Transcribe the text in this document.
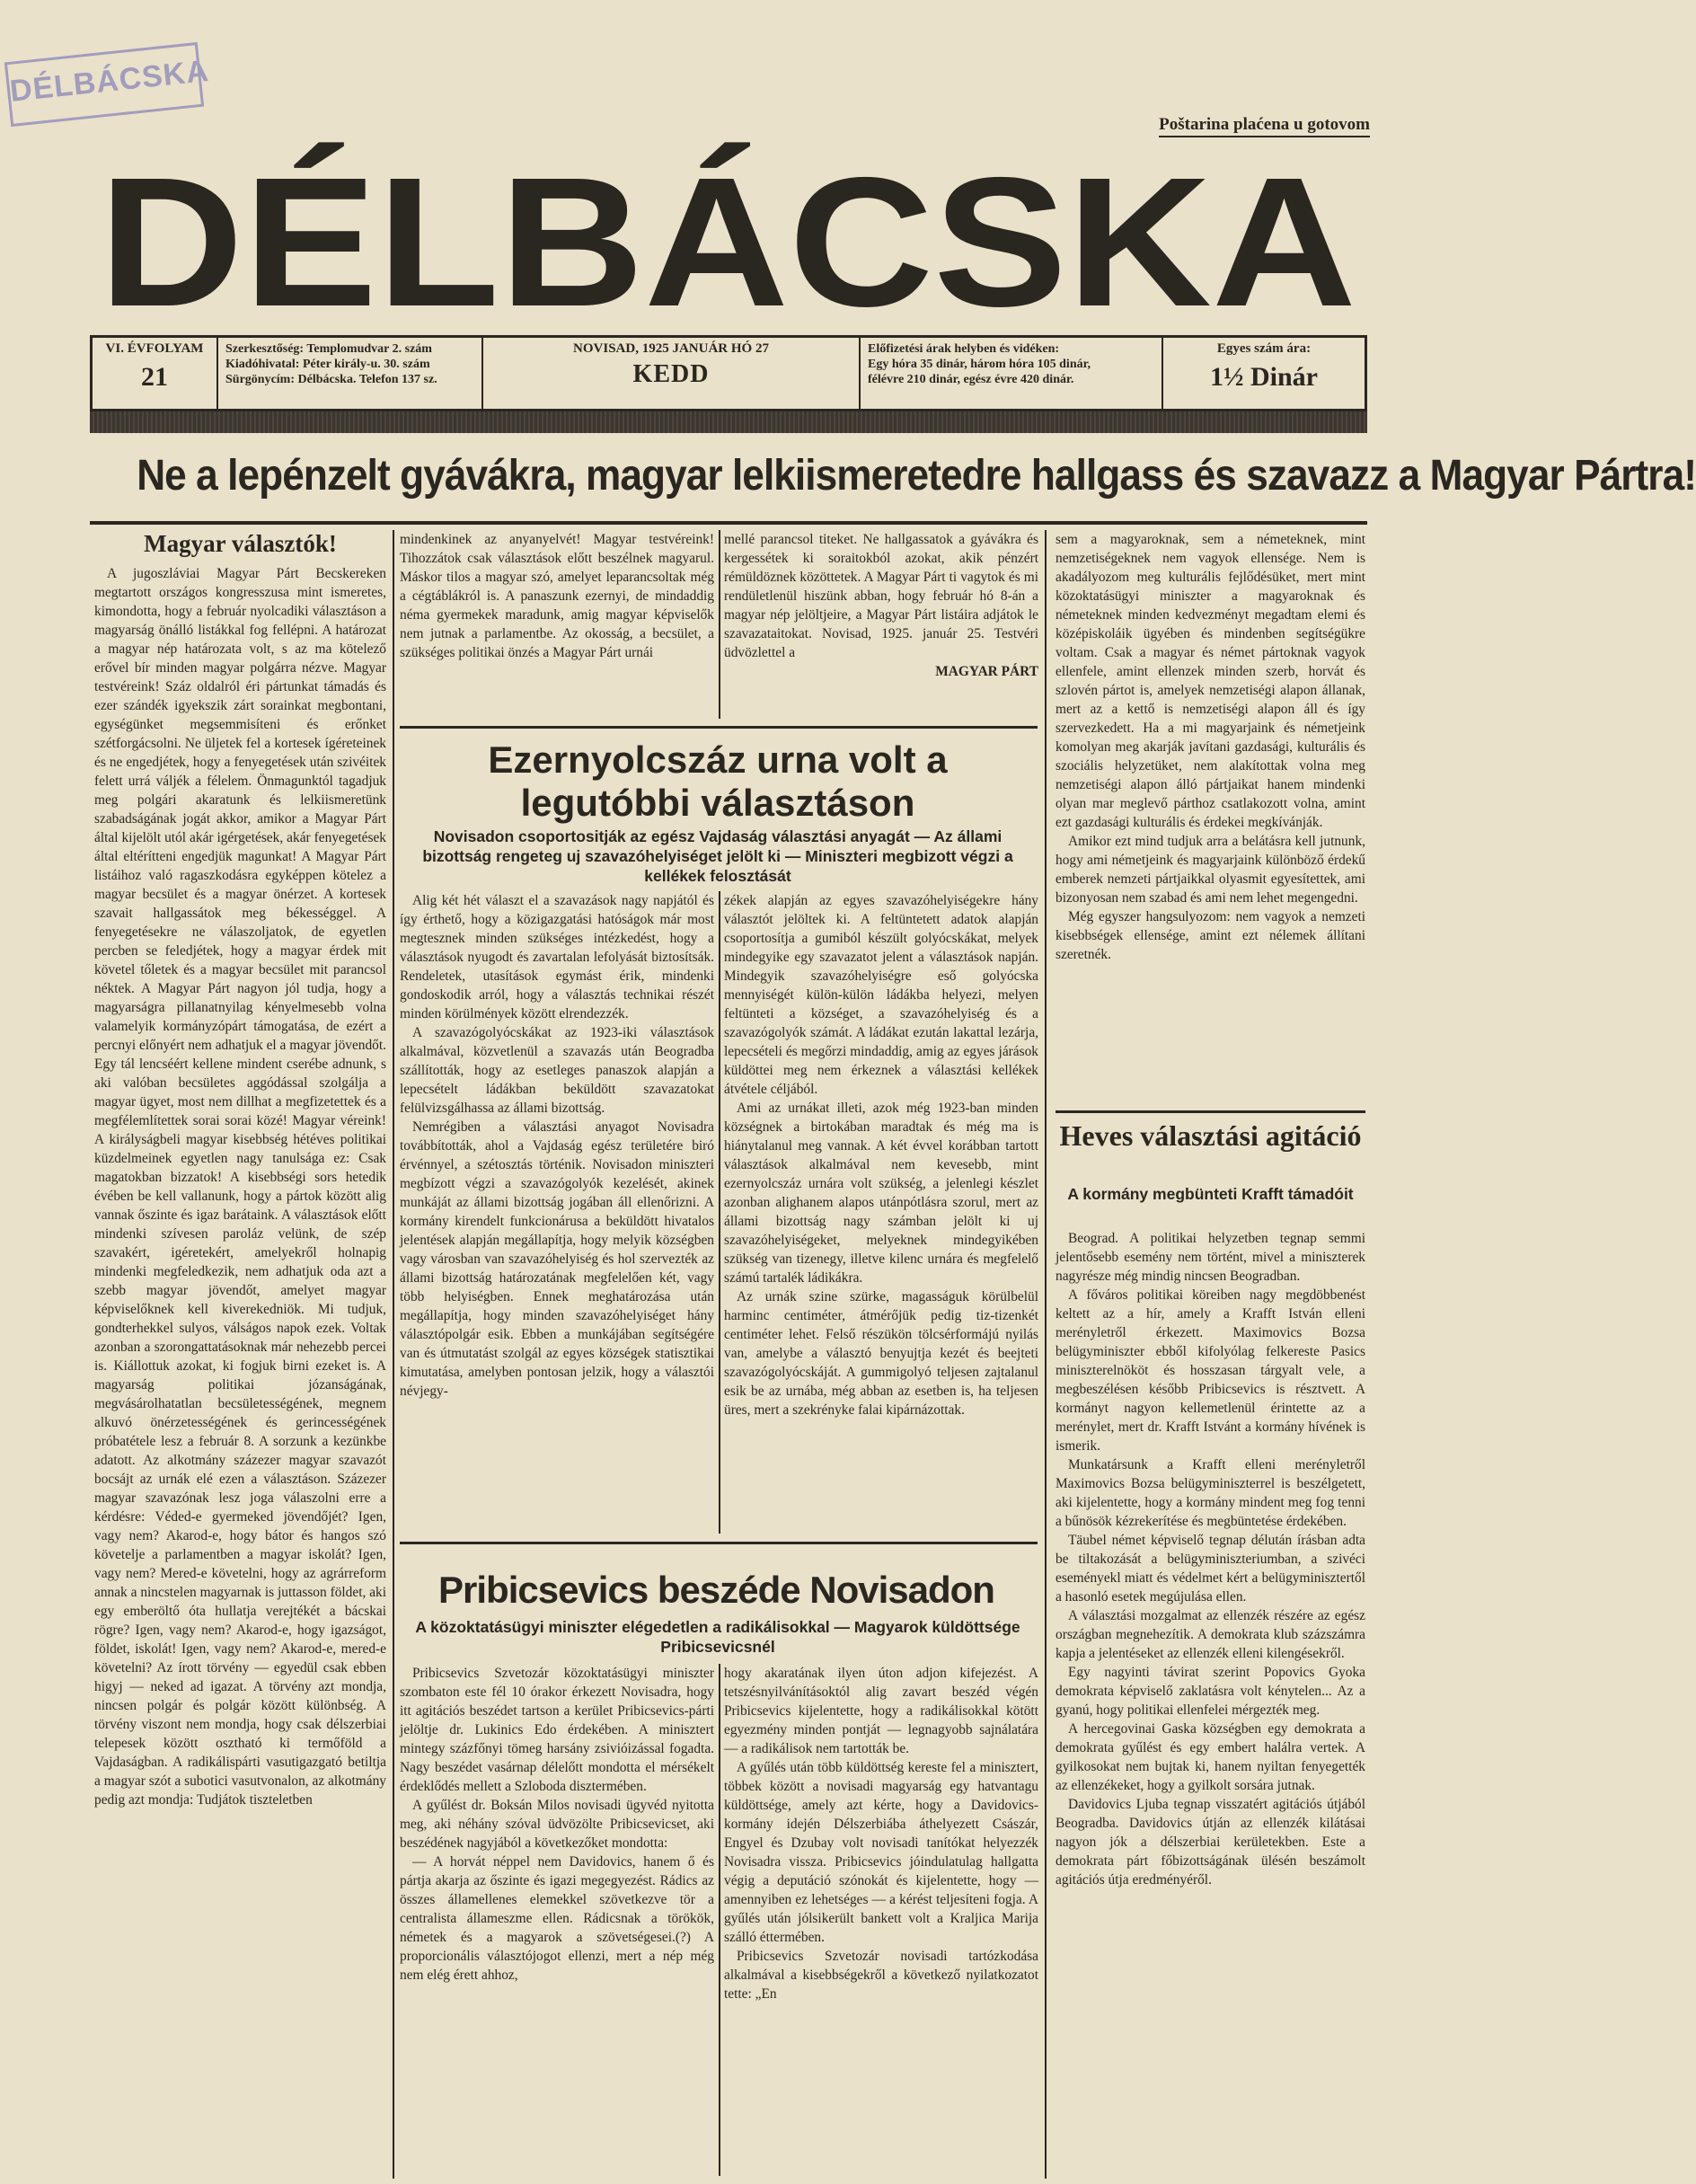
DÉLBÁCSKA
Poštarina plaćena u gotovom
DÉLBÁCSKA
VI. ÉVFOLYAM
21
Szerkesztőség: Templomudvar 2. szám
Kiadóhivatal: Péter király-u. 30. szám
Sürgönycím: Délbácska. Telefon 137 sz.
NOVISAD, 1925 JANUÁR HÓ 27
KEDD
Előfizetési árak helyben és vidéken:
Egy hóra 35 dinár, három hóra 105 dinár,
félévre 210 dinár, egész évre 420 dinár.
Egyes szám ára:
1½ Dinár
Ne a lepénzelt gyávákra, magyar lelkiismeretedre hallgass és szavazz a Magyar Pártra!
Magyar választók!

A jugoszláviai Magyar Párt Becskereken megtartott országos kongresszusa mint ismeretes, kimondotta, hogy a február nyolcadiki választáson a magyarság önálló listákkal fog fellépni. A határozat a magyar nép határozata volt, s az ma kötelező erővel bír minden magyar polgárra nézve. Magyar testvéreink! Száz oldalról éri pártunkat támadás és ezer szándék igyekszik zárt sorainkat megbontani, egységünket megsemmisíteni és erőnket szétforgácsolni. Ne üljetek fel a kortesek ígéreteinek és ne engedjétek, hogy a fenyegetések után szivéitek felett urrá váljék a félelem. Önmagunktól tagadjuk meg polgári akaratunk és lelkiismeretünk szabadságának jogát akkor, amikor a Magyar Párt által kijelölt utól akár igérgetések, akár fenyegetések által eltérítteni engedjük magunkat! A Magyar Párt listáihoz való ragaszkodásra egyképpen kötelez a magyar becsület és a magyar önérzet. A kortesek szavait hallgassátok meg békességgel. A fenyegetésekre ne válaszoljatok, de egyetlen percben se feledjétek, hogy a magyar érdek mit követel tőletek és a magyar becsület mit parancsol néktek. A Magyar Párt nagyon jól tudja, hogy a magyarságra pillanatnyilag kényelmesebb volna valamelyik kormányzópárt támogatása, de ezért a percnyi előnyért nem adhatjuk el a magyar jövendőt. Egy tál lencséért kellene mindent cserébe adnunk, s aki valóban becsületes aggódással szolgálja a magyar ügyet, most nem dillhat a megfizetettek és a megfélemlítettek sorai sorai közé! Magyar véreink! A királyságbeli magyar kisebbség hétéves politikai küzdelmeinek egyetlen nagy tanulsága ez: Csak magatokban bizzatok! A kisebbségi sors hetedik évében be kell vallanunk, hogy a pártok között alig vannak őszinte és igaz barátaink. A választások előtt mindenki szívesen paroláz velünk, de szép szavakért, igéretekért, amelyekről holnapig mindenki megfeledkezik, nem adhatjuk oda azt a szebb magyar jövendőt, amelyet magyar képviselőknek kell kiverekedniök. Mi tudjuk, gondterhekkel sulyos, válságos napok ezek. Voltak azonban a szorongattatásoknak már nehezebb percei is. Kiállottuk azokat, ki fogjuk birni ezeket is. A magyarság politikai józanságának, megvásárolhatatlan becsületességének, megnem alkuvó önérzetességének és gerincességének próbatétele lesz a február 8. A sorzunk a kezünkbe adatott. Az alkotmány százezer magyar szavazót bocsájt az urnák elé ezen a választáson. Százezer magyar szavazónak lesz joga válaszolni erre a kérdésre: Véded-e gyermeked jövendőjét? Igen, vagy nem? Akarod-e, hogy bátor és hangos szó követelje a parlamentben a magyar iskolát? Igen, vagy nem? Mered-e követelni, hogy az agrárreform annak a nincstelen magyarnak is juttasson földet, aki egy emberöltő óta hullatja verejtékét a bácskai rögre? Igen, vagy nem? Akarod-e, hogy igazságot, földet, iskolát! Igen, vagy nem? Akarod-e, mered-e követelni? Az írott törvény — egyedül csak ebben higyj — neked ad igazat. A törvény azt mondja, nincsen polgár és polgár között különbség. A törvény viszont nem mondja, hogy csak délszerbiai telepesek között osztható ki termőföld a Vajdaságban. A radikálispárti vasutigazgató betiltja a magyar szót a subotici vasutvonalon, az alkotmány pedig azt mondja: Tudjátok tiszteletben

mindenkinek az anyanyelvét! Magyar testvéreink! Tihozzátok csak választások előtt beszélnek magyarul. Máskor tilos a magyar szó, amelyet leparancsoltak még a cégtáblákról is. A panaszunk ezernyi, de mindaddig néma gyermekek maradunk, amig magyar képviselők nem jutnak a parlamentbe. Az okosság, a becsület, a szükséges politikai önzés a Magyar Párt urnái

mellé parancsol titeket. Ne hallgassatok a gyávákra és kergessétek ki soraitokból azokat, akik pénzért rémüldöznek közöttetek. A Magyar Párt ti vagytok és mi rendületlenül hiszünk abban, hogy február hó 8-án a magyar nép jelöltjeire, a Magyar Párt listáira adjátok le szavazataitokat. Novisad, 1925. január 25. Testvéri üdvözlettel a

MAGYAR PÁRT
Ezernyolcszáz urna volt a legutóbbi választáson
Novisadon csoportositják az egész Vajdaság választási anyagát — Az állami bizottság rengeteg uj szavazóhelyiséget jelölt ki — Miniszteri megbizott végzi a kellékek felosztását

Alig két hét választ el a szavazások nagy napjától és így érthető, hogy a közigazgatási hatóságok már most megtesznek minden szükséges intézkedést, hogy a választások nyugodt és zavartalan lefolyását biztosítsák. Rendeletek, utasítások egymást érik, mindenki gondoskodik arról, hogy a választás technikai részét minden körülmények között elrendezzék.

A szavazógolyócskákat az 1923-iki választások alkalmával, közvetlenül a szavazás után Beogradba szállították, hogy az esetleges panaszok alapján a lepecsételt ládákban beküldött szavazatokat felülvizsgálhassa az állami bizottság.

Nemrégiben a választási anyagot Novisadra továbbították, ahol a Vajdaság egész területére biró érvénnyel, a szétosztás történik. Novisadon miniszteri megbízott végzi a szavazógolyók kezelését, akinek munkáját az állami bizottság jogában áll ellenőrizni. A kormány kirendelt funkcionárusa a beküldött hivatalos jelentések alapján megállapítja, hogy melyik községben vagy városban van szavazóhelyiség és hol szervezték az állami bizottság határozatának megfelelően két, vagy több helyiségben. Ennek meghatározása után megállapítja, hogy minden szavazóhelyiséget hány választópolgár esik. Ebben a munkájában segítségére van és útmutatást szolgál az egyes községek statisztikai kimutatása, amelyben pontosan jelzik, hogy a választói névjegy-

zékek alapján az egyes szavazóhelyiségekre hány választót jelöltek ki. A feltüntetett adatok alapján csoportosítja a gumiból készült golyócskákat, melyek mindegyike egy szavazatot jelent a választások napján. Mindegyik szavazóhelyiségre eső golyócska mennyiségét külön-külön ládákba helyezi, melyen feltünteti a községet, a szavazóhelyiség és a szavazógolyók számát. A ládákat ezután lakattal lezárja, lepecsételi és megőrzi mindaddig, amig az egyes járások küldöttei meg nem érkeznek a választási kellékek átvétele céljából.

Ami az urnákat illeti, azok még 1923-ban minden községnek a birtokában maradtak és még ma is hiánytalanul meg vannak. A két évvel korábban tartott választások alkalmával nem kevesebb, mint ezernyolcszáz urnára volt szükség, a jelenlegi készlet azonban alighanem alapos utánpótlásra szorul, mert az állami bizottság nagy számban jelölt ki uj szavazóhelyiségeket, melyeknek mindegyikében szükség van tizenegy, illetve kilenc urnára és megfelelő számú tartalék ládikákra.

Az urnák szine szürke, magasságuk körülbelül harminc centiméter, átmérőjük pedig tiz-tizenkét centiméter lehet. Felső részükön tölcsérformájú nyilás van, amelybe a választó benyujtja kezét és beejteti szavazógolyócskáját. A gummigolyó teljesen zajtalanul esik be az urnába, még abban az esetben is, ha teljesen üres, mert a szekrényke falai kipárnázottak.

Pribicsevics beszéde Novisadon
A közoktatásügyi miniszter elégedetlen a radikálisokkal — Magyarok küldöttsége Pribicsevicsnél

Pribicsevics Szvetozár közoktatásügyi miniszter szombaton este fél 10 órakor érkezett Novisadra, hogy itt agitációs beszédet tartson a kerület Pribicsevics-párti jelöltje dr. Lukinics Edo érdekében. A minisztert mintegy százfőnyi tömeg harsány zsivióizással fogadta. Nagy beszédet vasárnap délelőtt mondotta el mérsékelt érdeklődés mellett a Szloboda disztermében.

A gyűlést dr. Boksán Milos novisadi ügyvéd nyitotta meg, aki néhány szóval üdvözölte Pribicsevicset, aki beszédének nagyjából a következőket mondotta:

— A horvát néppel nem Davidovics, hanem ő és pártja akarja az őszinte és igazi megegyezést. Rádics az összes államellenes elemekkel szövetkezve tör a centralista állameszme ellen. Rádicsnak a törökök, németek és a magyarok a szövetségesei.(?) A proporcionális választójogot ellenzi, mert a nép még nem elég érett ahhoz,

hogy akaratának ilyen úton adjon kifejezést. A tetszésnyilvánításoktól alig zavart beszéd végén Pribicsevics kijelentette, hogy a radikálisokkal kötött egyezmény minden pontját — legnagyobb sajnálatára — a radikálisok nem tartották be.

A gyűlés után több küldöttség kereste fel a minisztert, többek között a novisadi magyarság egy hatvantagu küldöttsége, amely azt kérte, hogy a Davidovics-kormány idején Délszerbiába áthelyezett Császár, Engyel és Dzubay volt novisadi tanítókat helyezzék Novisadra vissza. Pribicsevics jóindulatulag hallgatta végig a deputáció szónokát és kijelentette, hogy — amennyiben ez lehetséges — a kérést teljesíteni fogja. A gyűlés után jólsikerült bankett volt a Kraljica Marija szálló éttermében.

Pribicsevics Szvetozár novisadi tartózkodása alkalmával a kisebbségekről a következő nyilatkozatot tette: „En

sem a magyaroknak, sem a németeknek, mint nemzetiségeknek nem vagyok ellensége. Nem is akadályozom meg kulturális fejlődésüket, mert mint közoktatásügyi miniszter a magyaroknak és németeknek minden kedvezményt megadtam elemi és középiskoláik ügyében és mindenben segítségükre voltam. Csak a magyar és német pártoknak vagyok ellenfele, amint ellenzek minden szerb, horvát és szlovén pártot is, amelyek nemzetiségi alapon állanak, mert az a kettő is nemzetiségi alapon áll és így szervezkedett. Ha a mi magyarjaink és németjeink komolyan meg akarják javítani gazdasági, kulturális és szociális helyzetüket, nem alakítottak volna meg nemzetiségi alapon álló pártjaikat hanem mindenki olyan mar meglevő párthoz csatlakozott volna, amint ezt gazdasági kulturális és érdekei megkívánják.

Amikor ezt mind tudjuk arra a belátásra kell jutnunk, hogy ami németjeink és magyarjaink különböző érdekű emberek nemzeti pártjaikkal olyasmit egyesítettek, ami bizonyosan nem szabad és ami nem lehet megengedni.

Még egyszer hangsulyozom: nem vagyok a nemzeti kisebbségek ellensége, amint ezt nélemek állítani szeretnék.

Heves választási agitáció
A kormány megbünteti Krafft támadóit

Beograd. A politikai helyzetben tegnap semmi jelentősebb esemény nem történt, mivel a miniszterek nagyrésze még mindig nincsen Beogradban.

A főváros politikai köreiben nagy megdöbbenést keltett az a hír, amely a Krafft István elleni merényletről érkezett. Maximovics Bozsa belügyminiszter ebből kifolyólag felkereste Pasics miniszterelnököt és hosszasan tárgyalt vele, a megbeszélésen később Pribicsevics is résztvett. A kormányt nagyon kellemetlenül érintette az a merénylet, mert dr. Krafft Istvánt a kormány hívének is ismerik.

Munkatársunk a Krafft elleni merényletről Maximovics Bozsa belügyminiszterrel is beszélgetett, aki kijelentette, hogy a kormány mindent meg fog tenni a bűnösök kézrekerítése és megbüntetése érdekében.

Täubel német képviselő tegnap délután írásban adta be tiltakozását a belügyminiszteriumban, a szivéci eseményekl miatt és védelmet kért a belügyminisztertől a hasonló esetek megújulása ellen.

A választási mozgalmat az ellenzék részére az egész országban megnehezítik. A demokrata klub százszámra kapja a jelentéseket az ellenzék elleni kilengésekről.

Egy nagyinti távirat szerint Popovics Gyoka demokrata képviselő zaklatásra volt kénytelen... Az a gyanú, hogy politikai ellenfelei mérgezték meg.

A hercegovinai Gaska községben egy demokrata a demokrata gyűlést és egy embert halálra vertek. A gyilkosokat nem bujtak ki, hanem nyiltan fenyegették az ellenzékeket, hogy a gyilkolt sorsára jutnak.

Davidovics Ljuba tegnap visszatért agitációs útjából Beogradba. Davidovics útján az ellenzék kilátásai nagyon jók a délszerbiai kerületekben. Este a demokrata párt főbizottságának ülésén beszámolt agitációs útja eredményéről.
